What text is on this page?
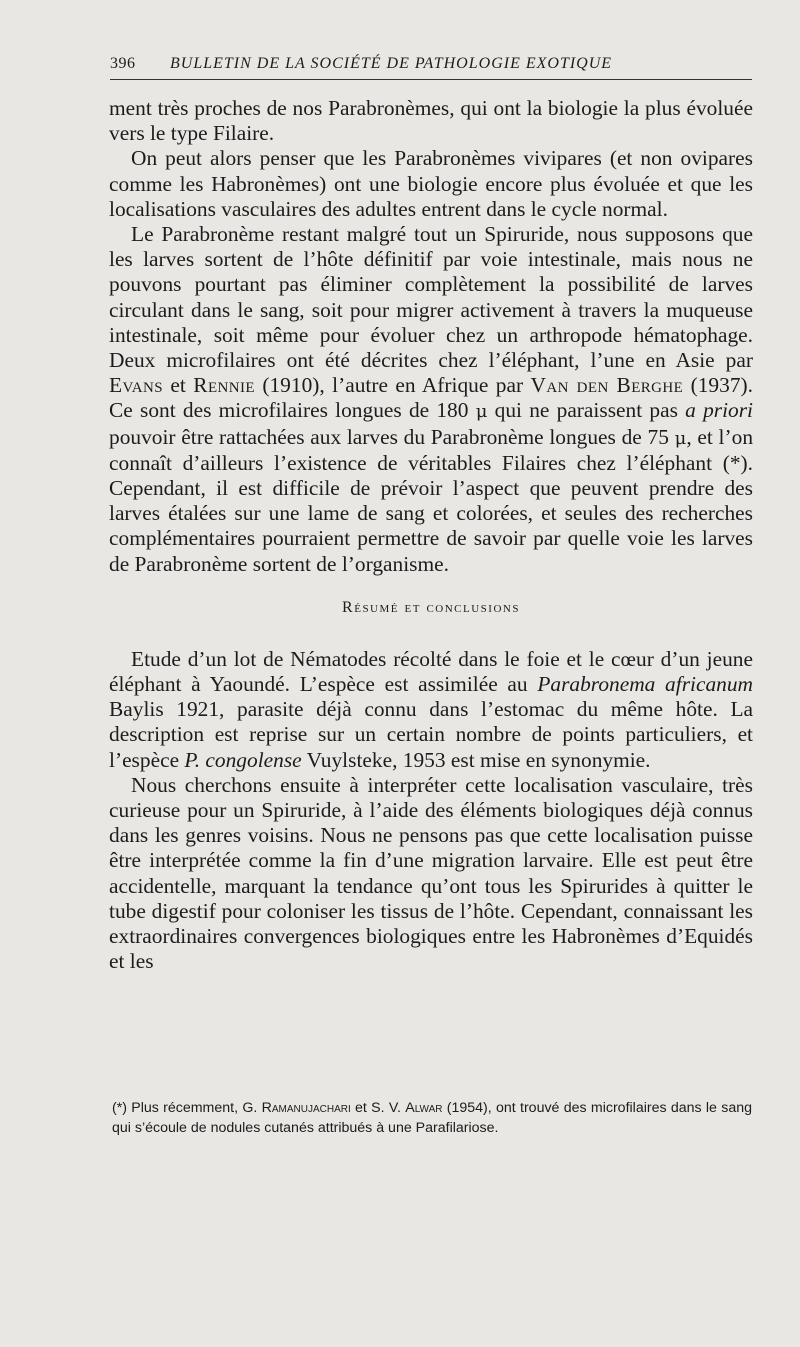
396	BULLETIN DE LA SOCIÉTÉ DE PATHOLOGIE EXOTIQUE

ment très proches de nos Parabronèmes, qui ont la biologie la plus évoluée vers le type Filaire.

On peut alors penser que les Parabronèmes vivipares (et non ovipares comme les Habronèmes) ont une biologie encore plus évoluée et que les localisations vasculaires des adultes entrent dans le cycle normal.

Le Parabronème restant malgré tout un Spiruride, nous supposons que les larves sortent de l’hôte définitif par voie intestinale, mais nous ne pouvons pourtant pas éliminer complètement la possibilité de larves circulant dans le sang, soit pour migrer activement à travers la muqueuse intestinale, soit même pour évoluer chez un arthropode hématophage. Deux microfilaires ont été décrites chez l’éléphant, l’une en Asie par Evans et Rennie (1910), l’autre en Afrique par Van den Berghe (1937). Ce sont des microfilaires longues de 180 μ qui ne paraissent pas a priori pouvoir être rattachées aux larves du Parabronème longues de 75 μ, et l’on connaît d’ailleurs l’existence de véritables Filaires chez l’éléphant (*). Cependant, il est difficile de prévoir l’aspect que peuvent prendre des larves étalées sur une lame de sang et colorées, et seules des recherches complémentaires pourraient permettre de savoir par quelle voie les larves de Parabronème sortent de l’organisme.

Résumé et conclusions

Etude d’un lot de Nématodes récolté dans le foie et le cœur d’un jeune éléphant à Yaoundé. L’espèce est assimilée au Parabronema africanum Baylis 1921, parasite déjà connu dans l’estomac du même hôte. La description est reprise sur un certain nombre de points particuliers, et l’espèce P. congolense Vuylsteke, 1953 est mise en synonymie.

Nous cherchons ensuite à interpréter cette localisation vasculaire, très curieuse pour un Spiruride, à l’aide des éléments biologiques déjà connus dans les genres voisins. Nous ne pensons pas que cette localisation puisse être interprétée comme la fin d’une migration larvaire. Elle est peut être accidentelle, marquant la tendance qu’ont tous les Spirurides à quitter le tube digestif pour coloniser les tissus de l’hôte. Cependant, connaissant les extraordinaires convergences biologiques entre les Habronèmes d’Equidés et les

(*) Plus récemment, G. Ramanujachari et S. V. Alwar (1954), ont trouvé des microfilaires dans le sang qui s’écoule de nodules cutanés attribués à une Parafilariose.
